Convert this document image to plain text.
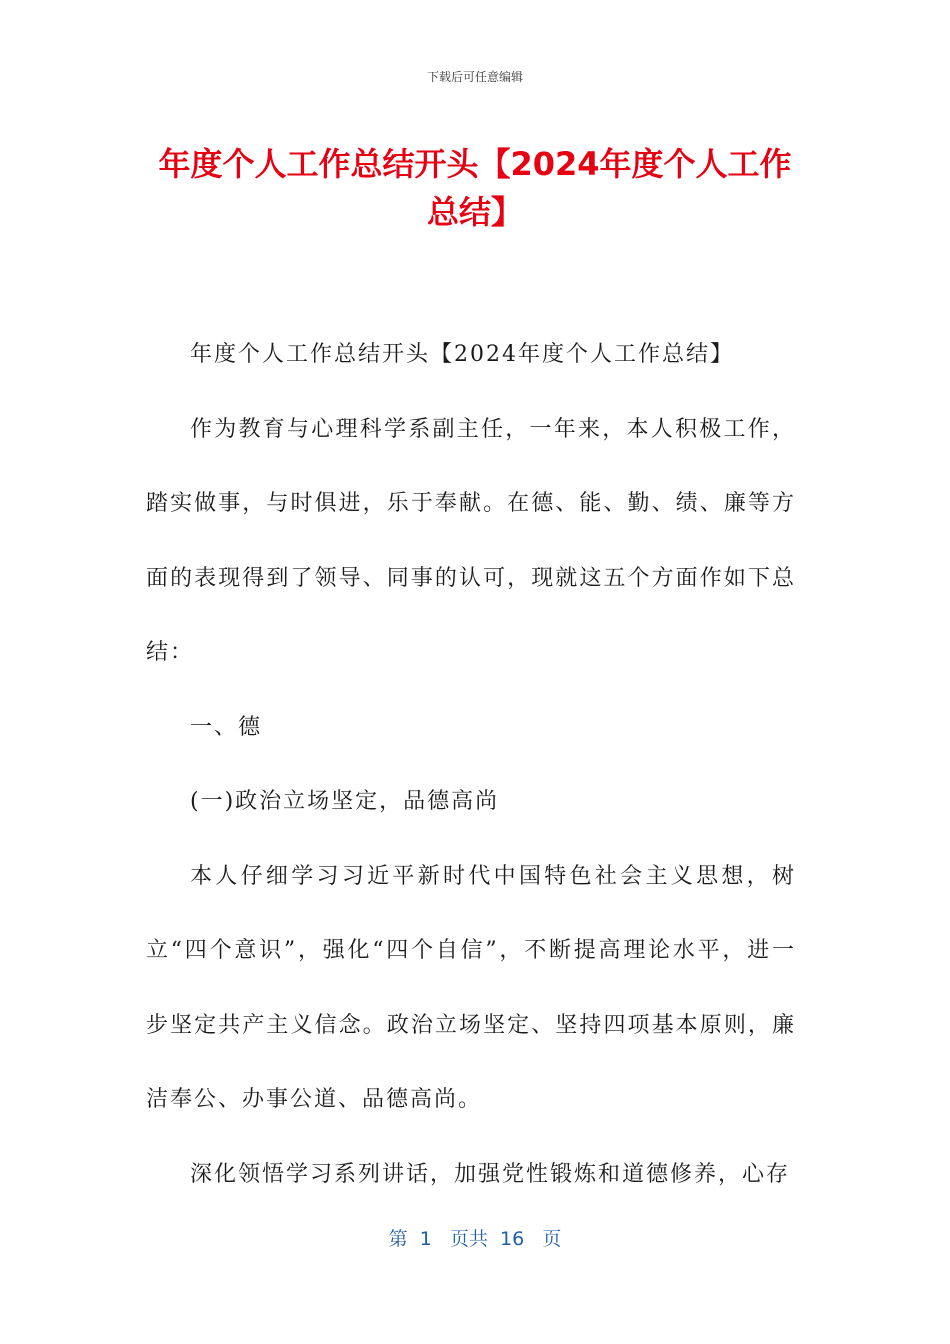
下载后可任意编辑
年度个人工作总结开头【2024年度个人工作总结】

年度个人工作总结开头【2024年度个人工作总结】

作为教育与心理科学系副主任，一年来，本人积极工作，踏实做事，与时俱进，乐于奉献。在德、能、勤、绩、廉等方面的表现得到了领导、同事的认可，现就这五个方面作如下总结：

一、德

(一)政治立场坚定，品德高尚

本人仔细学习习近平新时代中国特色社会主义思想，树立“四个意识”，强化“四个自信”，不断提高理论水平，进一步坚定共产主义信念。政治立场坚定、坚持四项基本原则，廉洁奉公、办事公道、品德高尚。

深化领悟学习系列讲话，加强党性锻炼和道德修养，心存

第  1   页共  16   页
